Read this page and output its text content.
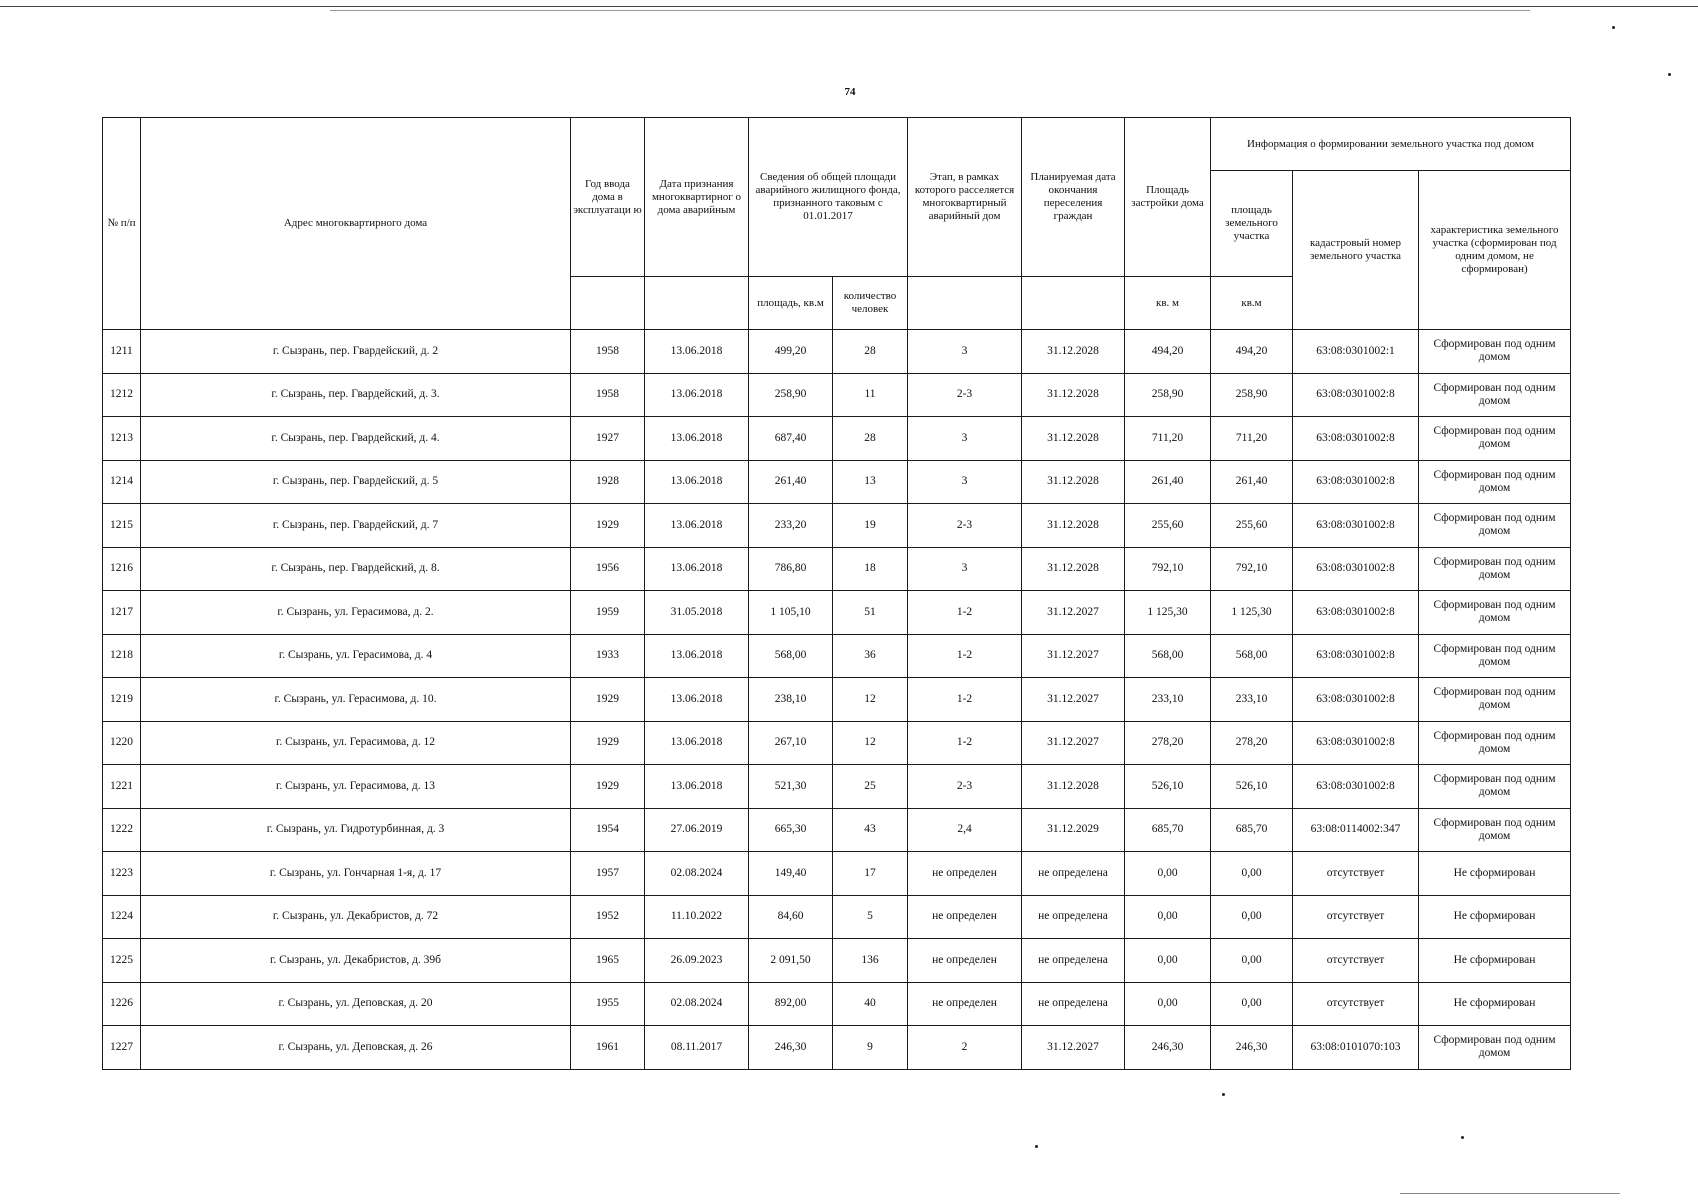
74
№ п/п	Адрес многоквартирного дома	Год ввода дома в эксплуатаци ю	Дата признания многоквартирног о дома аварийным	Сведения об общей площади аварийного жилищного фонда, признанного таковым с 01.01.2017		Этап, в рамках которого расселяется многоквартирный аварийный дом	Планируемая дата окончания переселения граждан	Площадь застройки дома	Информация о формировании земельного участка под домом		
									площадь земельного участка	кадастровый номер земельного участка	характеристика земельного участка (сформирован под одним домом, не сформирован)
				площадь, кв.м	количество человек			кв. м	кв.м		
1211	г. Сызрань, пер. Гвардейский, д. 2	1958	13.06.2018	499,20	28	3	31.12.2028	494,20	494,20	63:08:0301002:1	Сформирован под одним домом
1212	г. Сызрань, пер. Гвардейский, д. 3.	1958	13.06.2018	258,90	11	2-3	31.12.2028	258,90	258,90	63:08:0301002:8	Сформирован под одним домом
1213	г. Сызрань, пер. Гвардейский, д. 4.	1927	13.06.2018	687,40	28	3	31.12.2028	711,20	711,20	63:08:0301002:8	Сформирован под одним домом
1214	г. Сызрань, пер. Гвардейский, д. 5	1928	13.06.2018	261,40	13	3	31.12.2028	261,40	261,40	63:08:0301002:8	Сформирован под одним домом
1215	г. Сызрань, пер. Гвардейский, д. 7	1929	13.06.2018	233,20	19	2-3	31.12.2028	255,60	255,60	63:08:0301002:8	Сформирован под одним домом
1216	г. Сызрань, пер. Гвардейский, д. 8.	1956	13.06.2018	786,80	18	3	31.12.2028	792,10	792,10	63:08:0301002:8	Сформирован под одним домом
1217	г. Сызрань, ул. Герасимова, д. 2.	1959	31.05.2018	1 105,10	51	1-2	31.12.2027	1 125,30	1 125,30	63:08:0301002:8	Сформирован под одним домом
1218	г. Сызрань, ул. Герасимова, д. 4	1933	13.06.2018	568,00	36	1-2	31.12.2027	568,00	568,00	63:08:0301002:8	Сформирован под одним домом
1219	г. Сызрань, ул. Герасимова, д. 10.	1929	13.06.2018	238,10	12	1-2	31.12.2027	233,10	233,10	63:08:0301002:8	Сформирован под одним домом
1220	г. Сызрань, ул. Герасимова, д. 12	1929	13.06.2018	267,10	12	1-2	31.12.2027	278,20	278,20	63:08:0301002:8	Сформирован под одним домом
1221	г. Сызрань, ул. Герасимова, д. 13	1929	13.06.2018	521,30	25	2-3	31.12.2028	526,10	526,10	63:08:0301002:8	Сформирован под одним домом
1222	г. Сызрань, ул. Гидротурбинная, д. 3	1954	27.06.2019	665,30	43	2,4	31.12.2029	685,70	685,70	63:08:0114002:347	Сформирован под одним домом
1223	г. Сызрань, ул. Гончарная 1-я, д. 17	1957	02.08.2024	149,40	17	не определен	не определена	0,00	0,00	отсутствует	Не сформирован
1224	г. Сызрань, ул. Декабристов, д. 72	1952	11.10.2022	84,60	5	не определен	не определена	0,00	0,00	отсутствует	Не сформирован
1225	г. Сызрань, ул. Декабристов, д. 39б	1965	26.09.2023	2 091,50	136	не определен	не определена	0,00	0,00	отсутствует	Не сформирован
1226	г. Сызрань, ул. Деповская, д. 20	1955	02.08.2024	892,00	40	не определен	не определена	0,00	0,00	отсутствует	Не сформирован
1227	г. Сызрань, ул. Деповская, д. 26	1961	08.11.2017	246,30	9	2	31.12.2027	246,30	246,30	63:08:0101070:103	Сформирован под одним домом
